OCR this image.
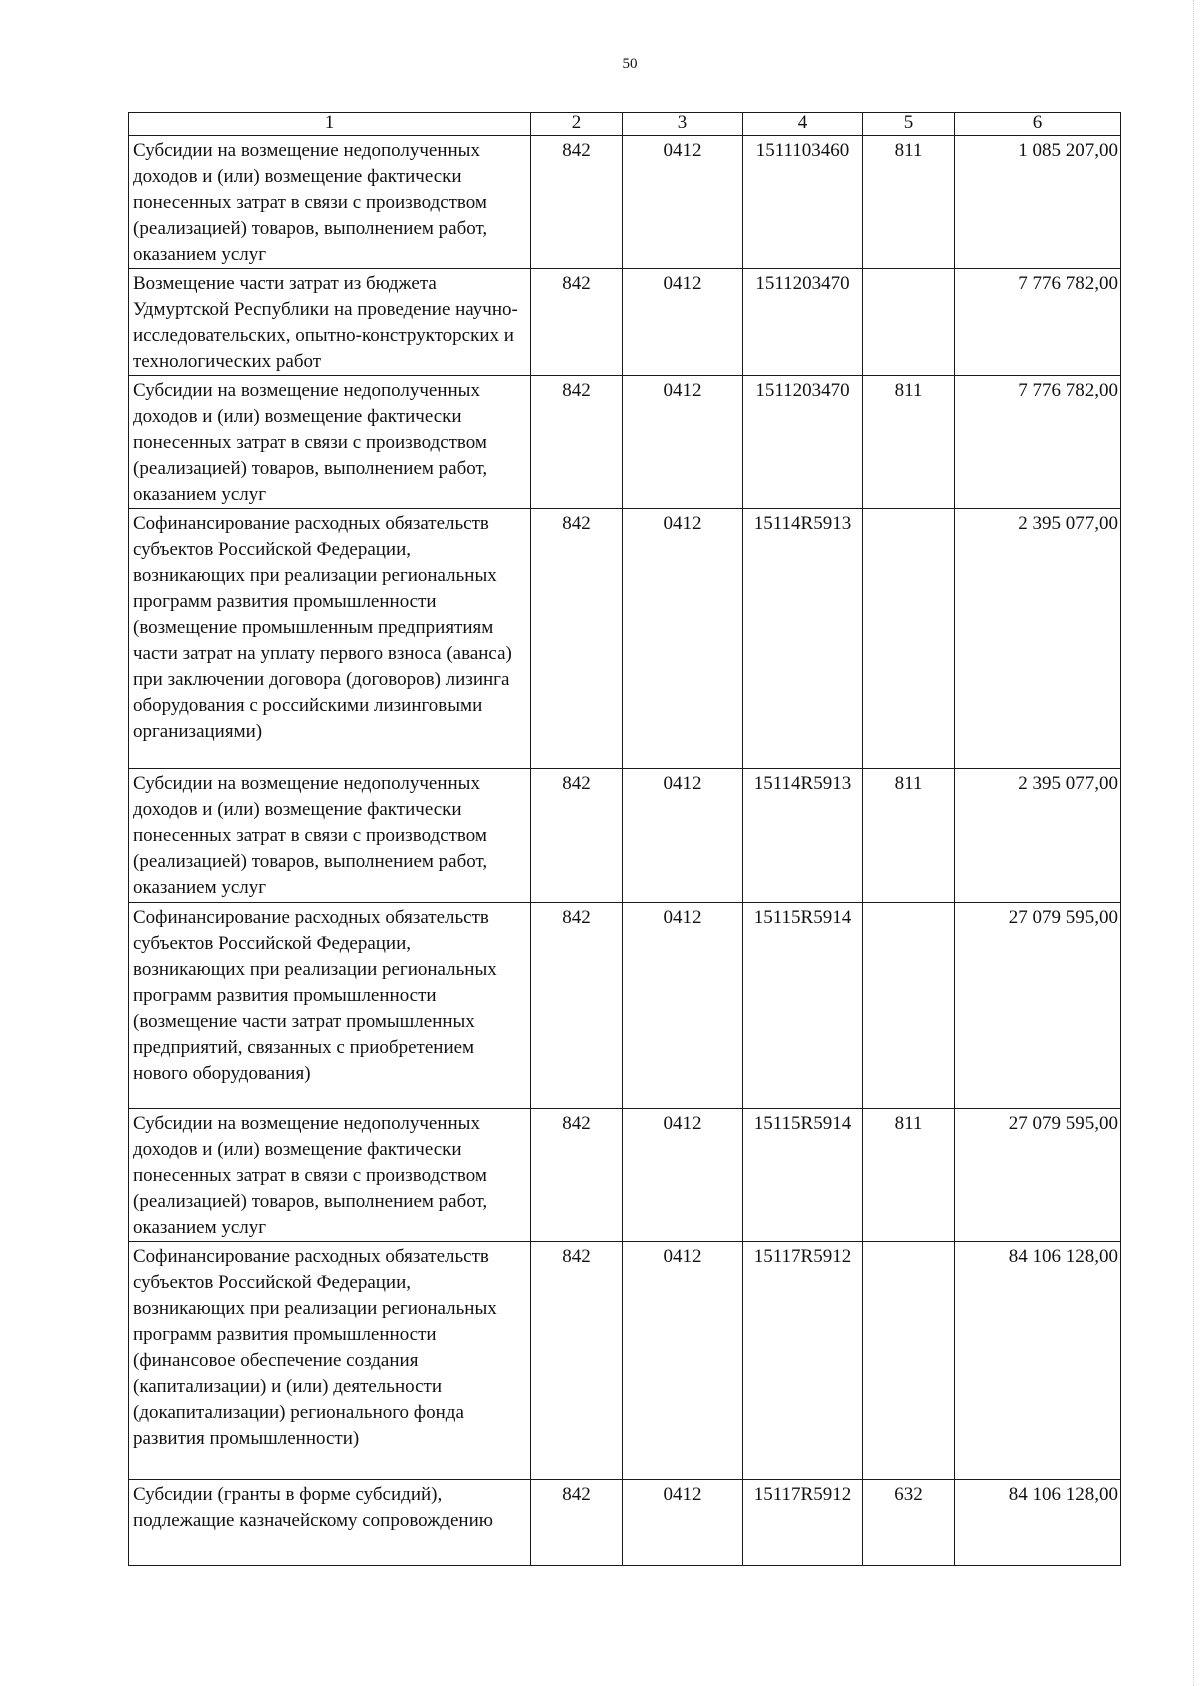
50
1	2	3	4	5	6
Субсидии на возмещение недополученных доходов и (или) возмещение фактически понесенных затрат в связи с производством (реализацией) товаров, выполнением работ, оказанием услуг	842	0412	1511103460	811	1 085 207,00
Возмещение части затрат из бюджета Удмуртской Республики на проведение научно-исследовательских, опытно-конструкторских и технологических работ	842	0412	1511203470		7 776 782,00
Субсидии на возмещение недополученных доходов и (или) возмещение фактически понесенных затрат в связи с производством (реализацией) товаров, выполнением работ, оказанием услуг	842	0412	1511203470	811	7 776 782,00
Софинансирование расходных обязательств субъектов Российской Федерации, возникающих при реализации региональных программ развития промышленности (возмещение промышленным предприятиям части затрат на уплату первого взноса (аванса) при заключении договора (договоров) лизинга оборудования с российскими лизинговыми организациями)	842	0412	15114R5913		2 395 077,00
Субсидии на возмещение недополученных доходов и (или) возмещение фактически понесенных затрат в связи с производством (реализацией) товаров, выполнением работ, оказанием услуг	842	0412	15114R5913	811	2 395 077,00
Софинансирование расходных обязательств субъектов Российской Федерации, возникающих при реализации региональных программ развития промышленности (возмещение части затрат промышленных предприятий, связанных с приобретением нового оборудования)	842	0412	15115R5914		27 079 595,00
Субсидии на возмещение недополученных доходов и (или) возмещение фактически понесенных затрат в связи с производством (реализацией) товаров, выполнением работ, оказанием услуг	842	0412	15115R5914	811	27 079 595,00
Софинансирование расходных обязательств субъектов Российской Федерации, возникающих при реализации региональных программ развития промышленности (финансовое обеспечение создания (капитализации) и (или) деятельности (докапитализации) регионального фонда развития промышленности)	842	0412	15117R5912		84 106 128,00
Субсидии (гранты в форме субсидий), подлежащие казначейскому сопровождению	842	0412	15117R5912	632	84 106 128,00
